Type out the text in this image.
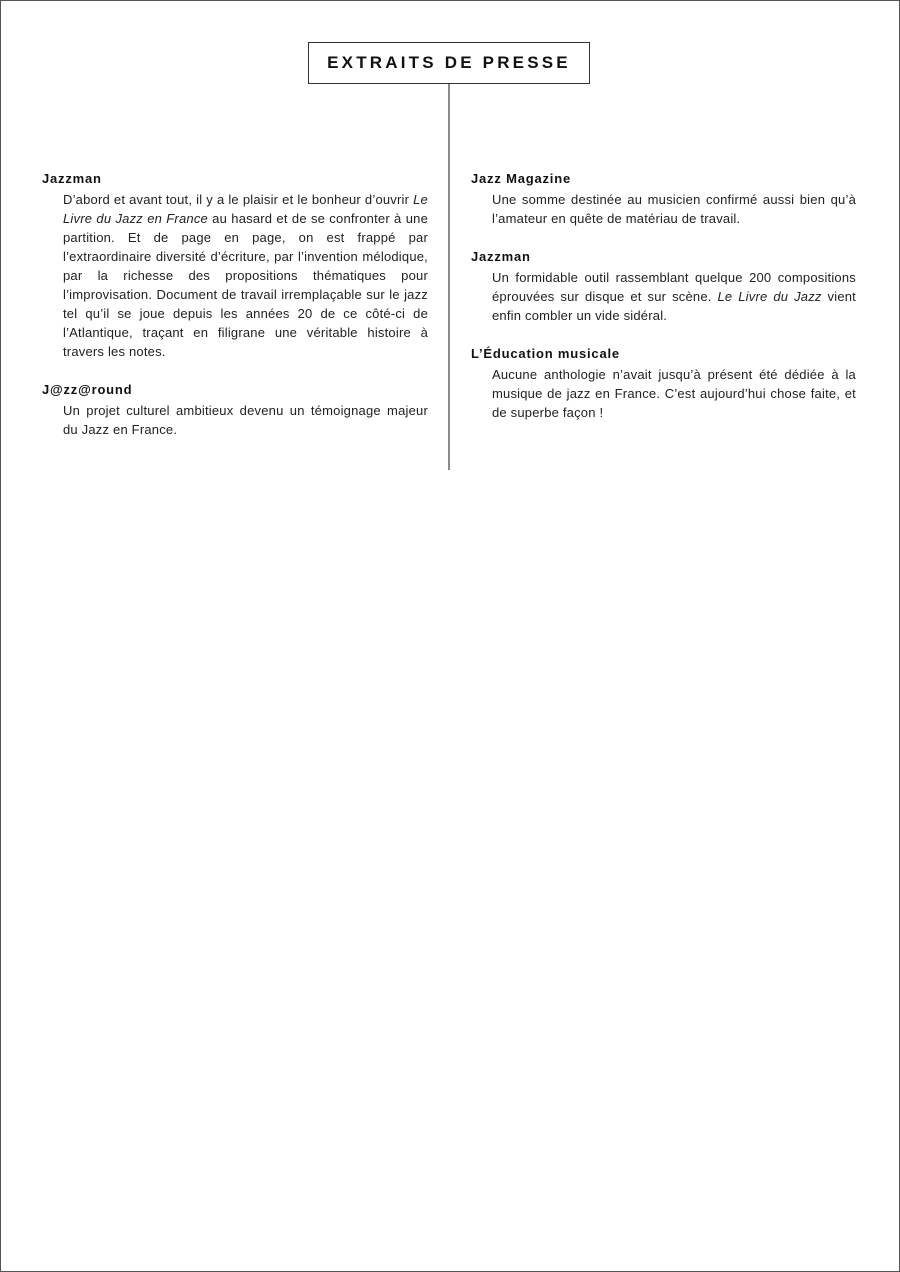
EXTRAITS DE PRESSE
Jazzman
D’abord et avant tout, il y a le plaisir et le bonheur d’ouvrir Le Livre du Jazz en France au hasard et de se confronter à une partition. Et de page en page, on est frappé par l’extraordinaire diversité d’écriture, par l’invention mélodique, par la richesse des propositions thématiques pour l’improvisation. Document de travail irremplaçable sur le jazz tel qu’il se joue depuis les années 20 de ce côté-ci de l’Atlantique, traçant en filigrane une véritable histoire à travers les notes.
J@zz@round
Un projet culturel ambitieux devenu un témoignage majeur du Jazz en France.
Jazz Magazine
Une somme destinée au musicien confirmé aussi bien qu’à l’amateur en quête de matériau de travail.
Jazzman
Un formidable outil rassemblant quelque 200 compositions éprouvées sur disque et sur scène. Le Livre du Jazz vient enfin combler un vide sidéral.
L’Éducation musicale
Aucune anthologie n’avait jusqu’à présent été dédiée à la musique de jazz en France. C’est aujourd’hui chose faite, et de superbe façon !
